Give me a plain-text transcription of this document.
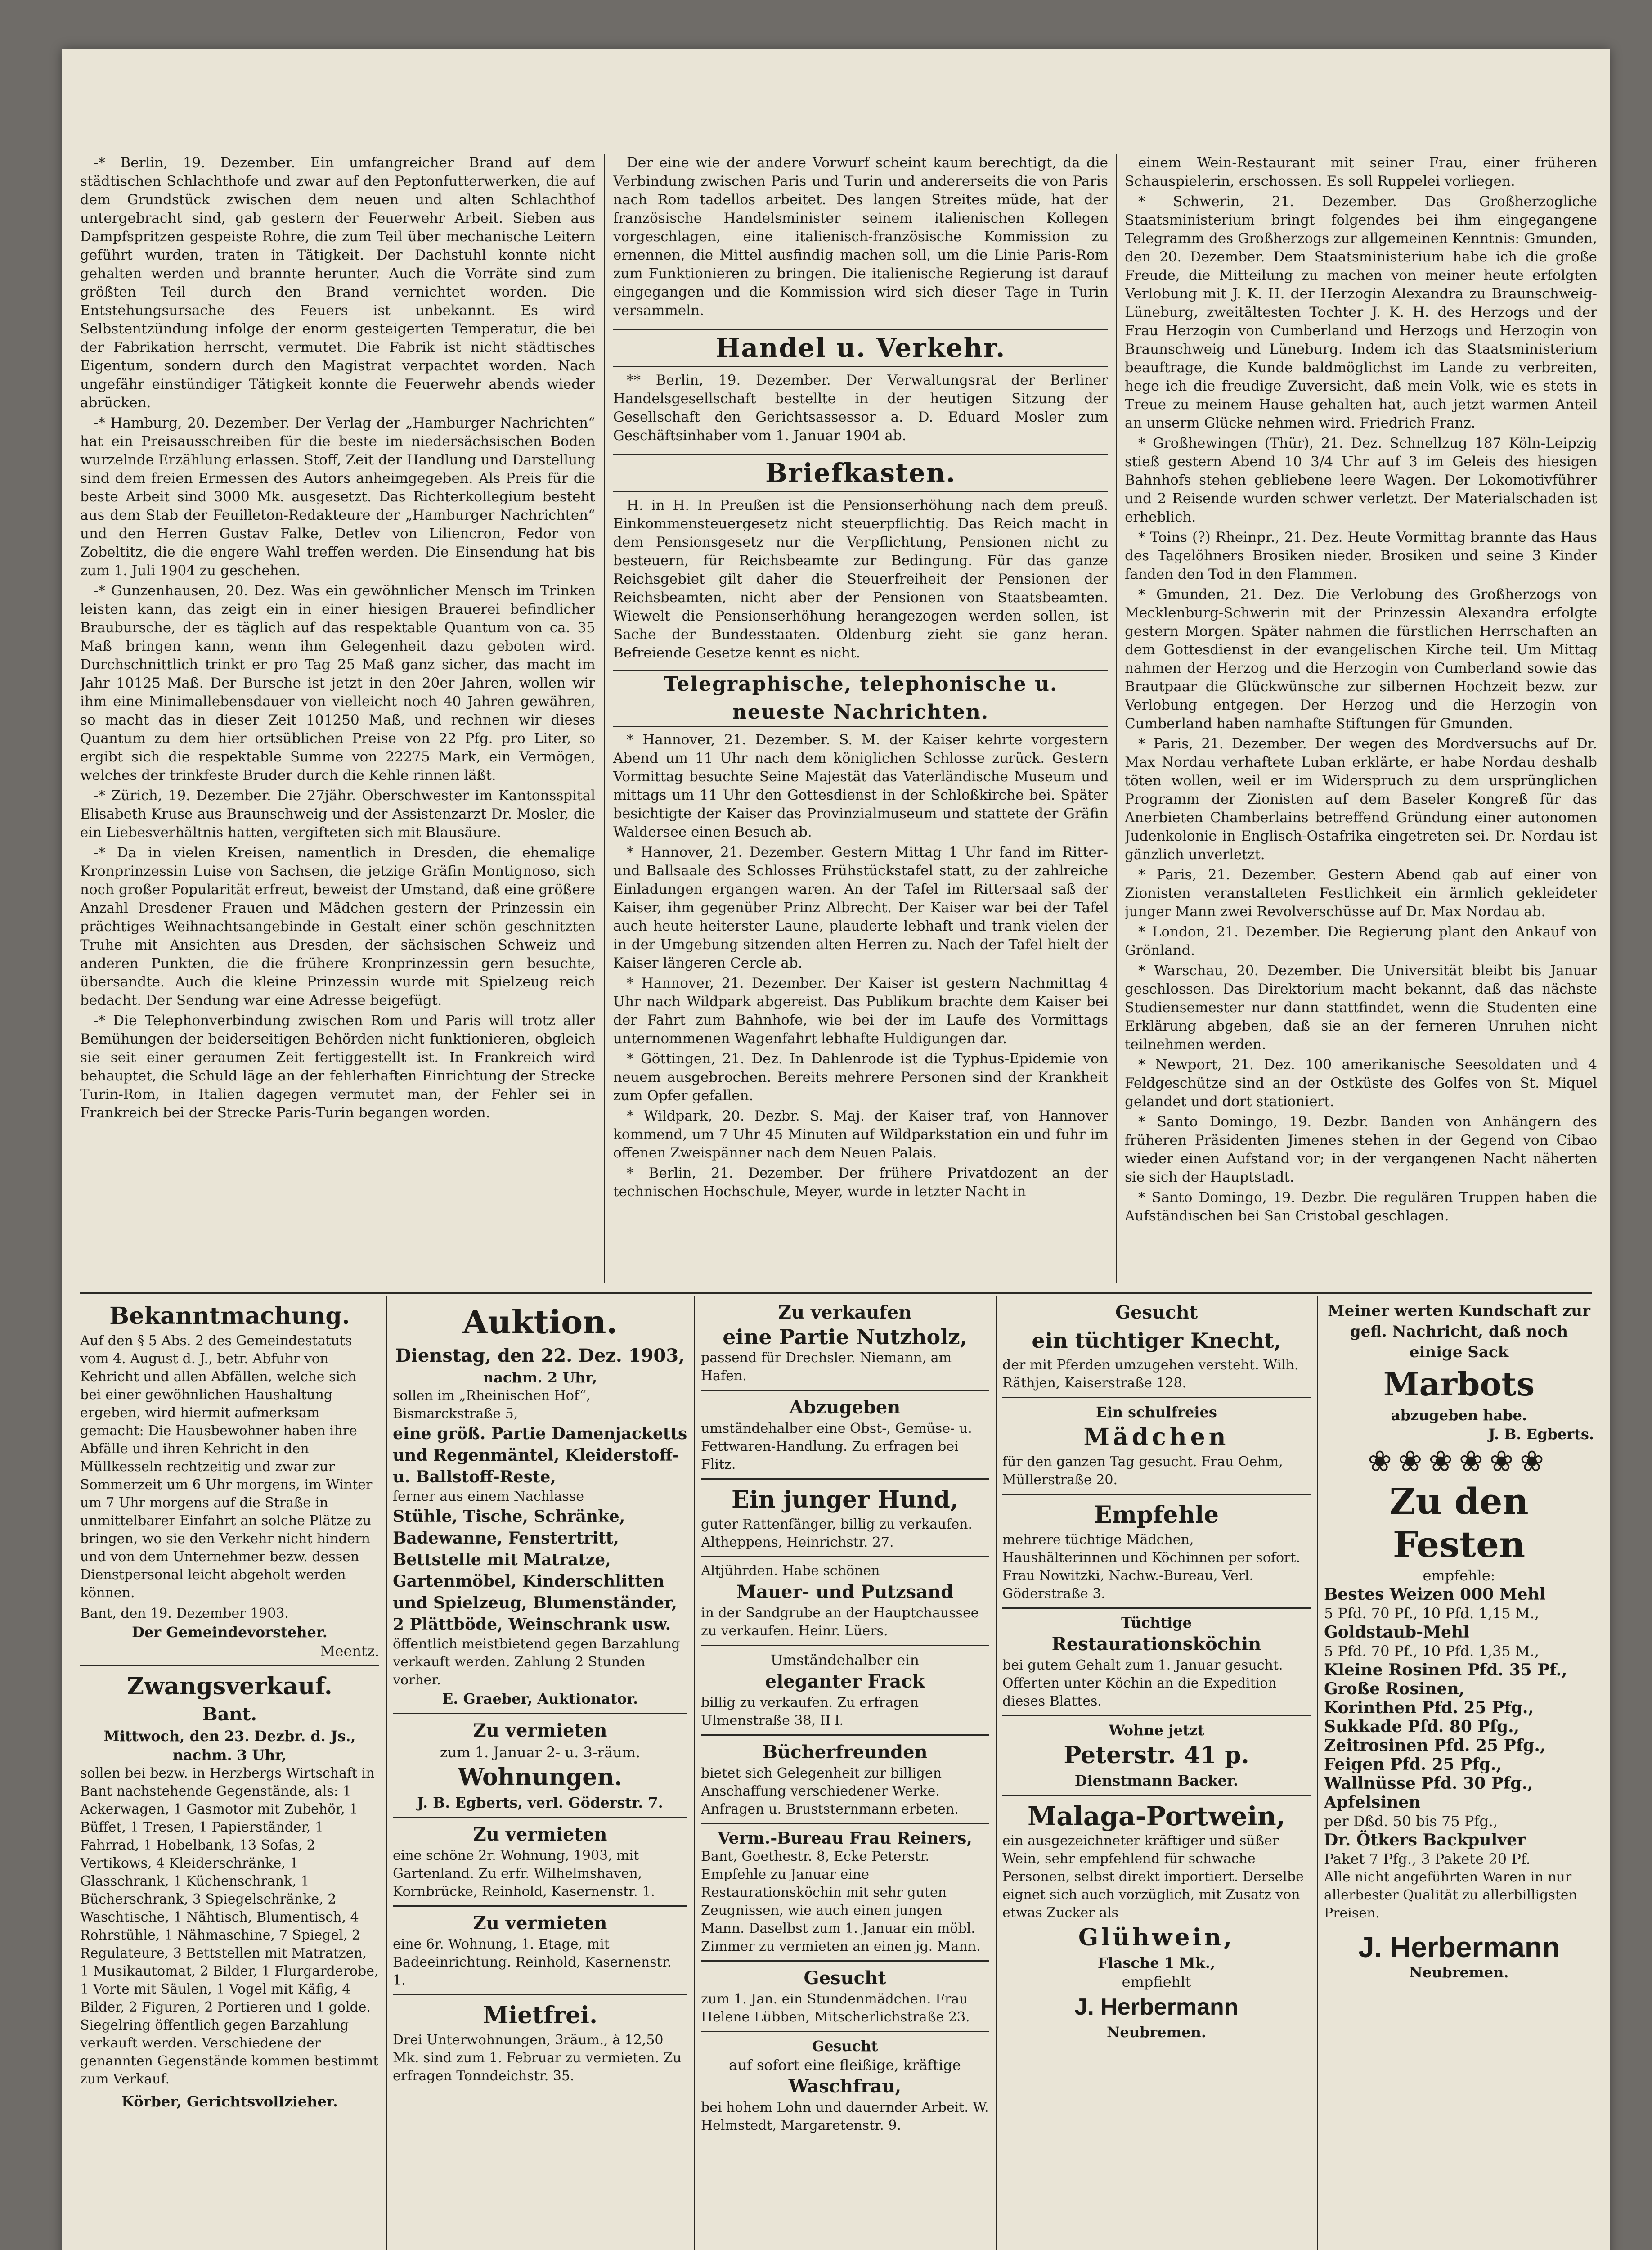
-* Berlin, 19. Dezember. Ein umfangreicher Brand auf dem städtischen Schlachthofe und zwar auf den Peptonfutterwerken, die auf dem Grundstück zwischen dem neuen und alten Schlachthof untergebracht sind, gab gestern der Feuerwehr Arbeit. Sieben aus Dampfspritzen gespeiste Rohre, die zum Teil über mechanische Leitern geführt wurden, traten in Tätigkeit. Der Dachstuhl konnte nicht gehalten werden und brannte herunter. Auch die Vorräte sind zum größten Teil durch den Brand vernichtet worden. Die Entstehungsursache des Feuers ist unbekannt. Es wird Selbstentzündung infolge der enorm gesteigerten Temperatur, die bei der Fabrikation herrscht, vermutet. Die Fabrik ist nicht städtisches Eigentum, sondern durch den Magistrat verpachtet worden. Nach ungefähr einstündiger Tätigkeit konnte die Feuerwehr abends wieder abrücken.

-* Hamburg, 20. Dezember. Der Verlag der „Hamburger Nachrichten“ hat ein Preisausschreiben für die beste im niedersächsischen Boden wurzelnde Erzählung erlassen. Stoff, Zeit der Handlung und Darstellung sind dem freien Ermessen des Autors anheimgegeben. Als Preis für die beste Arbeit sind 3000 Mk. ausgesetzt. Das Richterkollegium besteht aus dem Stab der Feuilleton-Redakteure der „Hamburger Nachrichten“ und den Herren Gustav Falke, Detlev von Liliencron, Fedor von Zobeltitz, die die engere Wahl treffen werden. Die Einsendung hat bis zum 1. Juli 1904 zu geschehen.

-* Gunzenhausen, 20. Dez. Was ein gewöhnlicher Mensch im Trinken leisten kann, das zeigt ein in einer hiesigen Brauerei befindlicher Braubursche, der es täglich auf das respektable Quantum von ca. 35 Maß bringen kann, wenn ihm Gelegenheit dazu geboten wird. Durchschnittlich trinkt er pro Tag 25 Maß ganz sicher, das macht im Jahr 10125 Maß. Der Bursche ist jetzt in den 20er Jahren, wollen wir ihm eine Minimallebensdauer von vielleicht noch 40 Jahren gewähren, so macht das in dieser Zeit 101250 Maß, und rechnen wir dieses Quantum zu dem hier ortsüblichen Preise von 22 Pfg. pro Liter, so ergibt sich die respektable Summe von 22275 Mark, ein Vermögen, welches der trinkfeste Bruder durch die Kehle rinnen läßt.

-* Zürich, 19. Dezember. Die 27jähr. Oberschwester im Kantonsspital Elisabeth Kruse aus Braunschweig und der Assistenzarzt Dr. Mosler, die ein Liebesverhältnis hatten, vergifteten sich mit Blausäure.

-* Da in vielen Kreisen, namentlich in Dresden, die ehemalige Kronprinzessin Luise von Sachsen, die jetzige Gräfin Montignoso, sich noch großer Popularität erfreut, beweist der Umstand, daß eine größere Anzahl Dresdener Frauen und Mädchen gestern der Prinzessin ein prächtiges Weihnachtsangebinde in Gestalt einer schön geschnitzten Truhe mit Ansichten aus Dresden, der sächsischen Schweiz und anderen Punkten, die die frühere Kronprinzessin gern besuchte, übersandte. Auch die kleine Prinzessin wurde mit Spielzeug reich bedacht. Der Sendung war eine Adresse beigefügt.

-* Die Telephonverbindung zwischen Rom und Paris will trotz aller Bemühungen der beiderseitigen Behörden nicht funktionieren, obgleich sie seit einer geraumen Zeit fertiggestellt ist. In Frankreich wird behauptet, die Schuld läge an der fehlerhaften Einrichtung der Strecke Turin-Rom, in Italien dagegen vermutet man, der Fehler sei in Frankreich bei der Strecke Paris-Turin begangen worden.

Der eine wie der andere Vorwurf scheint kaum berechtigt, da die Verbindung zwischen Paris und Turin und andererseits die von Paris nach Rom tadellos arbeitet. Des langen Streites müde, hat der französische Handelsminister seinem italienischen Kollegen vorgeschlagen, eine italienisch-französische Kommission zu ernennen, die Mittel ausfindig machen soll, um die Linie Paris-Rom zum Funktionieren zu bringen. Die italienische Regierung ist darauf eingegangen und die Kommission wird sich dieser Tage in Turin versammeln.

Handel u. Verkehr.

** Berlin, 19. Dezember. Der Verwaltungsrat der Berliner Handelsgesellschaft bestellte in der heutigen Sitzung der Gesellschaft den Gerichtsassessor a. D. Eduard Mosler zum Geschäftsinhaber vom 1. Januar 1904 ab.

Briefkasten.

H. in H. In Preußen ist die Pensionserhöhung nach dem preuß. Einkommensteuergesetz nicht steuerpflichtig. Das Reich macht in dem Pensionsgesetz nur die Verpflichtung, Pensionen nicht zu besteuern, für Reichsbeamte zur Bedingung. Für das ganze Reichsgebiet gilt daher die Steuerfreiheit der Pensionen der Reichsbeamten, nicht aber der Pensionen von Staatsbeamten. Wiewelt die Pensionserhöhung herangezogen werden sollen, ist Sache der Bundesstaaten. Oldenburg zieht sie ganz heran. Befreiende Gesetze kennt es nicht.

Telegraphische, telephonische u. neueste Nachrichten.

* Hannover, 21. Dezember. S. M. der Kaiser kehrte vorgestern Abend um 11 Uhr nach dem königlichen Schlosse zurück. Gestern Vormittag besuchte Seine Majestät das Vaterländische Museum und mittags um 11 Uhr den Gottesdienst in der Schloßkirche bei. Später besichtigte der Kaiser das Provinzialmuseum und stattete der Gräfin Waldersee einen Besuch ab.

* Hannover, 21. Dezember. Gestern Mittag 1 Uhr fand im Ritter- und Ballsaale des Schlosses Frühstückstafel statt, zu der zahlreiche Einladungen ergangen waren. An der Tafel im Rittersaal saß der Kaiser, ihm gegenüber Prinz Albrecht. Der Kaiser war bei der Tafel auch heute heiterster Laune, plauderte lebhaft und trank vielen der in der Umgebung sitzenden alten Herren zu. Nach der Tafel hielt der Kaiser längeren Cercle ab.

* Hannover, 21. Dezember. Der Kaiser ist gestern Nachmittag 4 Uhr nach Wildpark abgereist. Das Publikum brachte dem Kaiser bei der Fahrt zum Bahnhofe, wie bei der im Laufe des Vormittags unternommenen Wagenfahrt lebhafte Huldigungen dar.

* Göttingen, 21. Dez. In Dahlenrode ist die Typhus-Epidemie von neuem ausgebrochen. Bereits mehrere Personen sind der Krankheit zum Opfer gefallen.

* Wildpark, 20. Dezbr. S. Maj. der Kaiser traf, von Hannover kommend, um 7 Uhr 45 Minuten auf Wildparkstation ein und fuhr im offenen Zweispänner nach dem Neuen Palais.

* Berlin, 21. Dezember. Der frühere Privatdozent an der technischen Hochschule, Meyer, wurde in letzter Nacht in

einem Wein-Restaurant mit seiner Frau, einer früheren Schauspielerin, erschossen. Es soll Ruppelei vorliegen.

* Schwerin, 21. Dezember. Das Großherzogliche Staatsministerium bringt folgendes bei ihm eingegangene Telegramm des Großherzogs zur allgemeinen Kenntnis: Gmunden, den 20. Dezember. Dem Staatsministerium habe ich die große Freude, die Mitteilung zu machen von meiner heute erfolgten Verlobung mit J. K. H. der Herzogin Alexandra zu Braunschweig-Lüneburg, zweitältesten Tochter J. K. H. des Herzogs und der Frau Herzogin von Cumberland und Herzogs und Herzogin von Braunschweig und Lüneburg. Indem ich das Staatsministerium beauftrage, die Kunde baldmöglichst im Lande zu verbreiten, hege ich die freudige Zuversicht, daß mein Volk, wie es stets in Treue zu meinem Hause gehalten hat, auch jetzt warmen Anteil an unserm Glücke nehmen wird. Friedrich Franz.

* Großhewingen (Thür), 21. Dez. Schnellzug 187 Köln-Leipzig stieß gestern Abend 10 3/4 Uhr auf 3 im Geleis des hiesigen Bahnhofs stehen gebliebene leere Wagen. Der Lokomotivführer und 2 Reisende wurden schwer verletzt. Der Materialschaden ist erheblich.

* Toins (?) Rheinpr., 21. Dez. Heute Vormittag brannte das Haus des Tagelöhners Brosiken nieder. Brosiken und seine 3 Kinder fanden den Tod in den Flammen.

* Gmunden, 21. Dez. Die Verlobung des Großherzogs von Mecklenburg-Schwerin mit der Prinzessin Alexandra erfolgte gestern Morgen. Später nahmen die fürstlichen Herrschaften an dem Gottesdienst in der evangelischen Kirche teil. Um Mittag nahmen der Herzog und die Herzogin von Cumberland sowie das Brautpaar die Glückwünsche zur silbernen Hochzeit bezw. zur Verlobung entgegen. Der Herzog und die Herzogin von Cumberland haben namhafte Stiftungen für Gmunden.

* Paris, 21. Dezember. Der wegen des Mordversuchs auf Dr. Max Nordau verhaftete Luban erklärte, er habe Nordau deshalb töten wollen, weil er im Widerspruch zu dem ursprünglichen Programm der Zionisten auf dem Baseler Kongreß für das Anerbieten Chamberlains betreffend Gründung einer autonomen Judenkolonie in Englisch-Ostafrika eingetreten sei. Dr. Nordau ist gänzlich unverletzt.

* Paris, 21. Dezember. Gestern Abend gab auf einer von Zionisten veranstalteten Festlichkeit ein ärmlich gekleideter junger Mann zwei Revolverschüsse auf Dr. Max Nordau ab.

* London, 21. Dezember. Die Regierung plant den Ankauf von Grönland.

* Warschau, 20. Dezember. Die Universität bleibt bis Januar geschlossen. Das Direktorium macht bekannt, daß das nächste Studiensemester nur dann stattfindet, wenn die Studenten eine Erklärung abgeben, daß sie an der ferneren Unruhen nicht teilnehmen werden.

* Newport, 21. Dez. 100 amerikanische Seesoldaten und 4 Feldgeschütze sind an der Ostküste des Golfes von St. Miquel gelandet und dort stationiert.

* Santo Domingo, 19. Dezbr. Banden von Anhängern des früheren Präsidenten Jimenes stehen in der Gegend von Cibao wieder einen Aufstand vor; in der vergangenen Nacht näherten sie sich der Hauptstadt.

* Santo Domingo, 19. Dezbr. Die regulären Truppen haben die Aufständischen bei San Cristobal geschlagen.

Bekanntmachung.
Auf den § 5 Abs. 2 des Gemeindestatuts vom 4. August d. J., betr. Abfuhr von Kehricht und allen Abfällen, welche sich bei einer gewöhnlichen Haushaltung ergeben, wird hiermit aufmerksam gemacht: Die Hausbewohner haben ihre Abfälle und ihren Kehricht in den Müllkesseln rechtzeitig und zwar zur Sommerzeit um 6 Uhr morgens, im Winter um 7 Uhr morgens auf die Straße in unmittelbarer Einfahrt an solche Plätze zu bringen, wo sie den Verkehr nicht hindern und von dem Unternehmer bezw. dessen Dienstpersonal leicht abgeholt werden können.
Bant, den 19. Dezember 1903.
Der Gemeindevorsteher.
Meentz.
Zwangsverkauf.
Bant.
Mittwoch, den 23. Dezbr. d. Js., nachm. 3 Uhr,
sollen bei bezw. in Herzbergs Wirtschaft in Bant nachstehende Gegenstände, als: 1 Ackerwagen, 1 Gasmotor mit Zubehör, 1 Büffet, 1 Tresen, 1 Papierständer, 1 Fahrrad, 1 Hobelbank, 13 Sofas, 2 Vertikows, 4 Kleiderschränke, 1 Glasschrank, 1 Küchenschrank, 1 Bücherschrank, 3 Spiegelschränke, 2 Waschtische, 1 Nähtisch, Blumentisch, 4 Rohrstühle, 1 Nähmaschine, 7 Spiegel, 2 Regulateure, 3 Bettstellen mit Matratzen, 1 Musikautomat, 2 Bilder, 1 Flurgarderobe, 1 Vorte mit Säulen, 1 Vogel mit Käfig, 4 Bilder, 2 Figuren, 2 Portieren und 1 golde. Siegelring öffentlich gegen Barzahlung verkauft werden. Verschiedene der genannten Gegenstände kommen bestimmt zum Verkauf.
Körber, Gerichtsvollzieher.
Auktion.
Dienstag, den 22. Dez. 1903,
nachm. 2 Uhr,
sollen im „Rheinischen Hof“, Bismarckstraße 5,
eine größ. Partie Damenjacketts und Regenmäntel, Kleiderstoff- u. Ballstoff-Reste,
ferner aus einem Nachlasse
Stühle, Tische, Schränke, Badewanne, Fenstertritt, Bettstelle mit Matratze, Gartenmöbel, Kinderschlitten und Spielzeug, Blumenständer, 2 Plättböde, Weinschrank usw.
öffentlich meistbietend gegen Barzahlung verkauft werden. Zahlung 2 Stunden vorher.
E. Graeber, Auktionator.
Zu vermieten
zum 1. Januar 2- u. 3-räum.
Wohnungen.
J. B. Egberts, verl. Göderstr. 7.
Zu vermieten
eine schöne 2r. Wohnung, 1903, mit Gartenland. Zu erfr. Wilhelmshaven, Kornbrücke, Reinhold, Kasernenstr. 1.
Zu vermieten
eine 6r. Wohnung, 1. Etage, mit Badeeinrichtung. Reinhold, Kasernenstr. 1.
Mietfrei.
Drei Unterwohnungen, 3räum., à 12,50 Mk. sind zum 1. Februar zu vermieten. Zu erfragen Tonndeichstr. 35.
Zu verkaufen
eine Partie Nutzholz,
passend für Drechsler. Niemann, am Hafen.
Abzugeben
umständehalber eine Obst-, Gemüse- u. Fettwaren-Handlung. Zu erfragen bei Flitz.
Ein junger Hund,
guter Rattenfänger, billig zu verkaufen. Altheppens, Heinrichstr. 27.
Altjührden. Habe schönen
Mauer- und Putzsand
in der Sandgrube an der Hauptchaussee zu verkaufen. Heinr. Lüers.
Umständehalber ein
eleganter Frack
billig zu verkaufen. Zu erfragen Ulmenstraße 38, II l.
Bücherfreunden
bietet sich Gelegenheit zur billigen Anschaffung verschiedener Werke. Anfragen u. Bruststernmann erbeten.
Verm.-Bureau Frau Reiners,
Bant, Goethestr. 8, Ecke Peterstr. Empfehle zu Januar eine Restaurationsköchin mit sehr guten Zeugnissen, wie auch einen jungen Mann. Daselbst zum 1. Januar ein möbl. Zimmer zu vermieten an einen jg. Mann.
Gesucht
zum 1. Jan. ein Stundenmädchen. Frau Helene Lübben, Mitscherlichstraße 23.
Gesucht
auf sofort eine fleißige, kräftige
Waschfrau,
bei hohem Lohn und dauernder Arbeit. W. Helmstedt, Margaretenstr. 9.
Gesucht
ein tüchtiger Knecht,
der mit Pferden umzugehen versteht. Wilh. Räthjen, Kaiserstraße 128.
Ein schulfreies
Mädchen
für den ganzen Tag gesucht. Frau Oehm, Müllerstraße 20.
Empfehle
mehrere tüchtige Mädchen, Haushälterinnen und Köchinnen per sofort. Frau Nowitzki, Nachw.-Bureau, Verl. Göderstraße 3.
Tüchtige
Restaurationsköchin
bei gutem Gehalt zum 1. Januar gesucht. Offerten unter Köchin an die Expedition dieses Blattes.
Wohne jetzt
Peterstr. 41 p.
Dienstmann Backer.
Malaga-Portwein,
ein ausgezeichneter kräftiger und süßer Wein, sehr empfehlend für schwache Personen, selbst direkt importiert. Derselbe eignet sich auch vorzüglich, mit Zusatz von etwas Zucker als
Glühwein,
Flasche 1 Mk.,
empfiehlt
J. Herbermann
Neubremen.
Meiner werten Kundschaft zur gefl. Nachricht, daß noch einige Sack
Marbots
abzugeben habe.
J. B. Egberts.
❀❀❀❀❀❀
Zu den Festen
empfehle:
Bestes Weizen 000 Mehl
5 Pfd. 70 Pf., 10 Pfd. 1,15 M.,
Goldstaub-Mehl
5 Pfd. 70 Pf., 10 Pfd. 1,35 M.,
Kleine Rosinen Pfd. 35 Pf.,
Große Rosinen,
Korinthen Pfd. 25 Pfg.,
Sukkade Pfd. 80 Pfg.,
Zeitrosinen Pfd. 25 Pfg.,
Feigen Pfd. 25 Pfg.,
Wallnüsse Pfd. 30 Pfg.,
Apfelsinen
per Dßd. 50 bis 75 Pfg.,
Dr. Ötkers Backpulver
Paket 7 Pfg., 3 Pakete 20 Pf.
Alle nicht angeführten Waren in nur allerbester Qualität zu allerbilligsten Preisen.
J. Herbermann
Neubremen.
